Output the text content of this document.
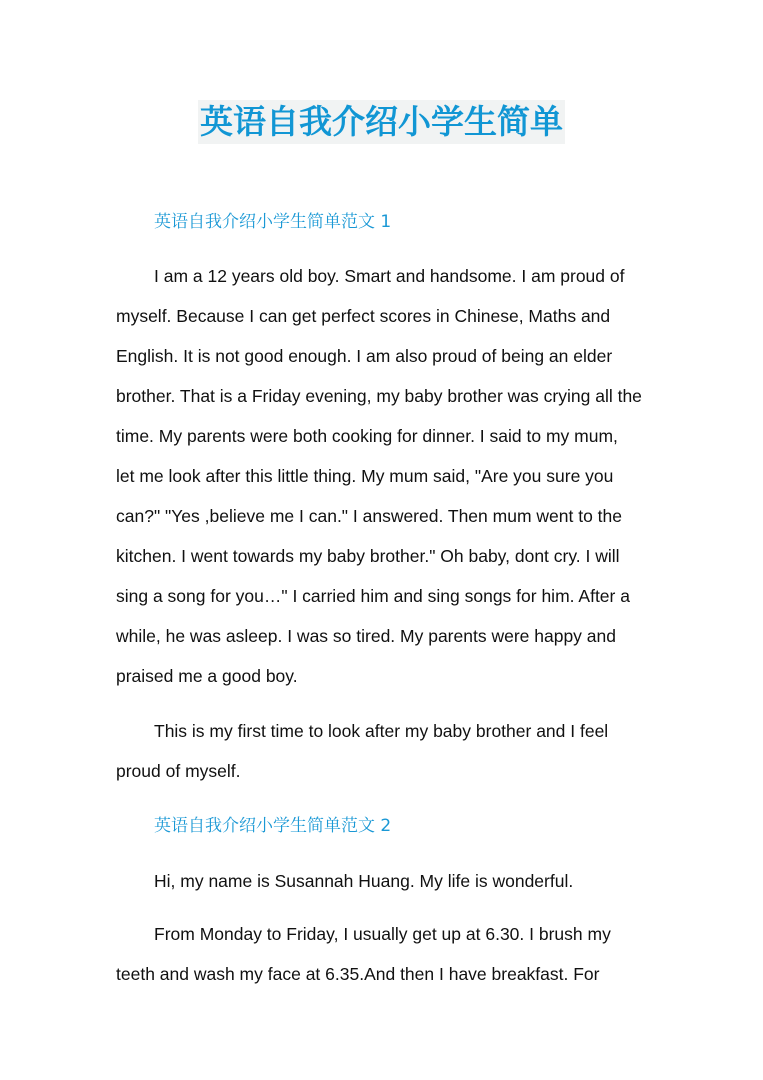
英语自我介绍小学生简单
英语自我介绍小学生简单范文 1
I am a 12 years old boy. Smart and handsome. I am proud of
myself. Because I can get perfect scores in Chinese, Maths and
English. It is not good enough. I am also proud of being an elder
brother. That is a Friday evening, my baby brother was crying all the
time. My parents were both cooking for dinner. I said to my mum,
let me look after this little thing. My mum said, "Are you sure you
can?" "Yes ,believe me I can." I answered. Then mum went to the
kitchen. I went towards my baby brother." Oh baby, dont cry. I will
sing a song for you…" I carried him and sing songs for him. After a
while, he was asleep. I was so tired. My parents were happy and
praised me a good boy.
This is my first time to look after my baby brother and I feel
proud of myself.
英语自我介绍小学生简单范文 2
Hi, my name is Susannah Huang. My life is wonderful.
From Monday to Friday, I usually get up at 6.30. I brush my
teeth and wash my face at 6.35.And then I have breakfast. For
